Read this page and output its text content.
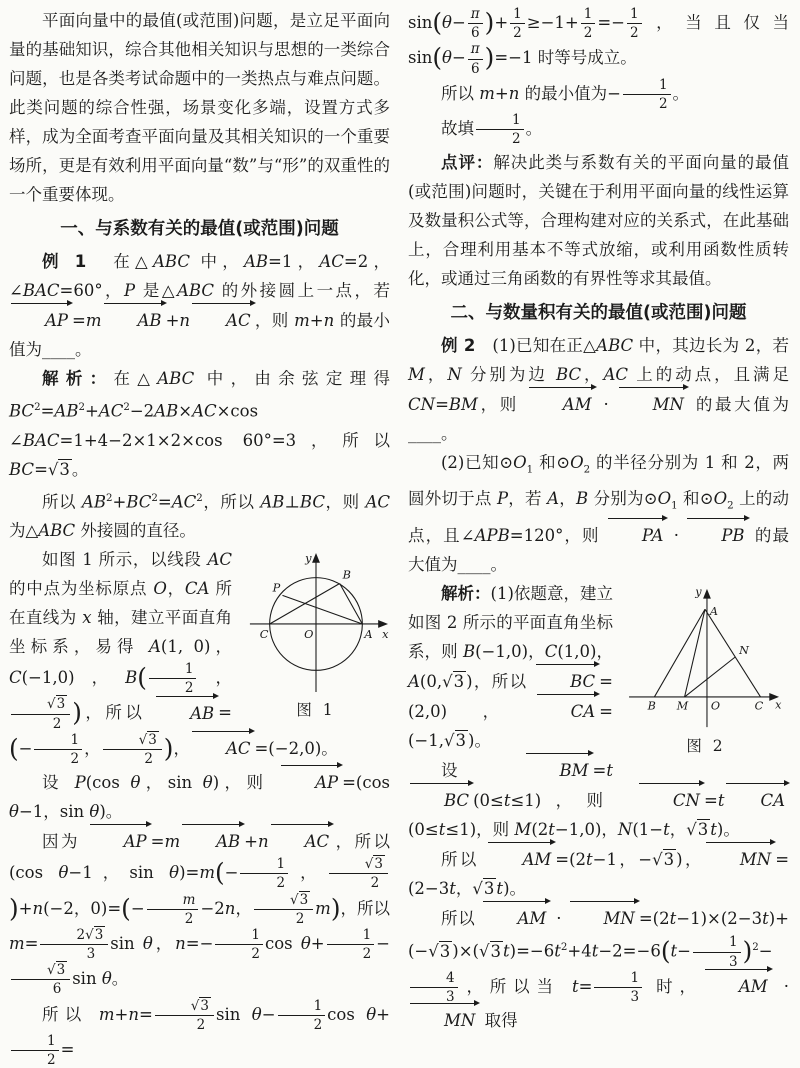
平面向量中的最值(或范围)问题，是立足平面向量的基础知识，综合其他相关知识与思想的一类综合问题，也是各类考试命题中的一类热点与难点问题。此类问题的综合性强，场景变化多端，设置方式多样，成为全面考查平面向量及其相关知识的一个重要场所，更是有效利用平面向量“数”与“形”的双重性的一个重要体现。

一、与系数有关的最值(或范围)问题

例 1　在△ABC 中，AB=1，AC=2，∠BAC=60°，P 是△ABC 的外接圆上一点，若 AP =m AB +n AC ，则 m+n 的最小值为____。

解析：在△ABC 中，由余弦定理得 $BC^2=AB^2+AC^2-2AB\times AC\times\cos$ ∠BAC=1+4−2×1×2×cos 60°=3，所以 BC=√3 。

所以 $AB^2+BC^2=AC^2$，所以 AB⊥BC，则 AC 为△ABC 外接圆的直径。

y
x
O
C	A
B
P
图 1

如图 1 所示，以线段 AC 的中点为坐标原点 O，CA 所在直线为 x 轴，建立平面直角坐标系，易得 A(1, 0)，C(−1,0)，$B( \frac{1}{2}$ ，
$\frac{√3}{2}$ )，所以 AB =(− $\frac{1}{2}$ ， $\frac{√3}{2}$ )， AC =(−2,0)。

设 P(cos θ，sin θ)，则 AP =(cos θ−1，sin θ)。

因为 AP =m AB +n AC ，所以(cos θ−1，$\sin \theta)=m(- \frac{1}{2}$ ， $\frac{√3}{2}$
)+n(−2，$0)=(- \frac{m}{2} -2n$， $\frac{√3}{2} m$)，所以 $m= \frac{2√3}{3}$ sin θ，$n=- \frac{1}{2}$ $\cos \theta+ \frac{1}{2}$ −
$\frac{√3}{6}$ sin θ。

所以 $m+n= \frac{√3}{2}$ $\sin \theta- \frac{1}{2}$ cos θ+
$\frac{1}{2}$ =

$\sin(\theta- \frac{\pi}{6}$ )+ $\frac{1}{2} \ge-1+ \frac{1}{2} =- \frac{1}{2}$ ，当且仅当 $\sin(\theta- \frac{\pi}{6} )=-1$ 时等号成立。

所以 m+n 的最小值为− $\frac{1}{2}$ 。

故填 $\frac{1}{2}$ 。

点评：解决此类与系数有关的平面向量的最值(或范围)问题时，关键在于利用平面向量的线性运算及数量积公式等，合理构建对应的关系式，在此基础上，合理利用基本不等式放缩，或利用函数性质转化，或通过三角函数的有界性等求其最值。

二、与数量积有关的最值(或范围)问题

例 2　(1)已知在正△ABC 中，其边长为 2，若 M，N 分别为边 BC，AC 上的动点，且满足 CN=BM，则 AM · MN 的最大值为____。

(2)已知$⊙O_1$ 和$⊙O_2$ 的半径分别为 1 和 2，两圆外切于点 P，若 A，B 分别为$⊙O_1$ 和$⊙O_2$ 上的动点，且∠APB=120°，则 PA · PB 的最大值为____。

y
x
A
B M O	C
N
图 2

解析：(1)依题意，建立如图 2 所示的平面直角坐标系，则 B(−1,0)，C(1,0)，A(0,√3 )，所以 BC =(2,0)， CA =(−1,√3 )。

设 BM =tBC (0≤t≤1)，则 CN =t CA(0≤t≤1)，则 M(2t−1,0)，N(1−t，√3 t)。

所以 AM =(2t−1，−√3 )， MN =(2−3t，√3 t)。

所以 AM · MN =(2t−1)×(2−3t)+(−√3 )×(√3 $t)=-6t^2+4t-2=-6(t- \frac{1}{3} )^2-$
$\frac{4}{3}$ ，所以当 $t= \frac{1}{3}$ 时， AM · MN 取得
